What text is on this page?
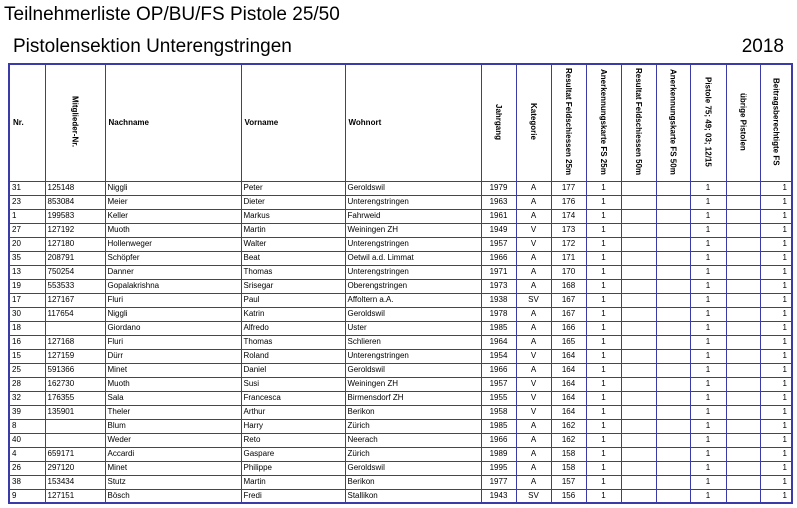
Teilnehmerliste OP/BU/FS Pistole 25/50
Pistolensektion Unterengstringen	2018
Nr.	Mitglieder-Nr.	Nachname	Vorname	Wohnort	Jahrgang	Kategorie	Resultat Feldschiessen 25m	Anerkennungskarte FS 25m	Resultat Feldschiessen 50m	Anerkennungskarte FS 50m	Pistole 75; 49; 03; 12/15	übrige Pistolen	Beitragsberechtigte FS
31	125148	Niggli	Peter	Geroldswil	1979	A	177	1			1		1
23	853084	Meier	Dieter	Unterengstringen	1963	A	176	1			1		1
1	199583	Keller	Markus	Fahrweid	1961	A	174	1			1		1
27	127192	Muoth	Martin	Weiningen ZH	1949	V	173	1			1		1
20	127180	Hollenweger	Walter	Unterengstringen	1957	V	172	1			1		1
35	208791	Schöpfer	Beat	Oetwil a.d. Limmat	1966	A	171	1			1		1
13	750254	Danner	Thomas	Unterengstringen	1971	A	170	1			1		1
19	553533	Gopalakrishna	Srisegar	Oberengstringen	1973	A	168	1			1		1
17	127167	Fluri	Paul	Affoltern a.A.	1938	SV	167	1			1		1
30	117654	Niggli	Katrin	Geroldswil	1978	A	167	1			1		1
18		Giordano	Alfredo	Uster	1985	A	166	1			1		1
16	127168	Fluri	Thomas	Schlieren	1964	A	165	1			1		1
15	127159	Dürr	Roland	Unterengstringen	1954	V	164	1			1		1
25	591366	Minet	Daniel	Geroldswil	1966	A	164	1			1		1
28	162730	Muoth	Susi	Weiningen ZH	1957	V	164	1			1		1
32	176355	Sala	Francesca	Birmensdorf ZH	1955	V	164	1			1		1
39	135901	Theler	Arthur	Berikon	1958	V	164	1			1		1
8		Blum	Harry	Zürich	1985	A	162	1			1		1
40		Weder	Reto	Neerach	1966	A	162	1			1		1
4	659171	Accardi	Gaspare	Zürich	1989	A	158	1			1		1
26	297120	Minet	Philippe	Geroldswil	1995	A	158	1			1		1
38	153434	Stutz	Martin	Berikon	1977	A	157	1			1		1
9	127151	Bösch	Fredi	Stallikon	1943	SV	156	1			1		1
